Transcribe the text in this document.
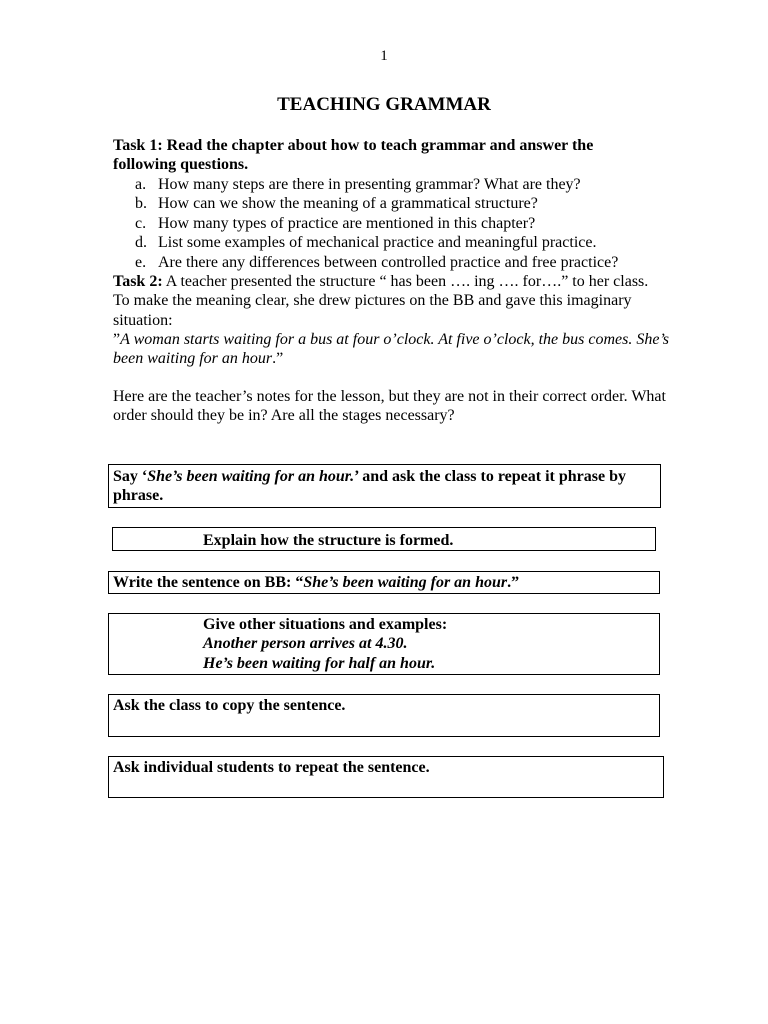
1
TEACHING GRAMMAR
Task 1: Read the chapter about how to teach grammar and answer the following questions.
a. How many steps are there in presenting grammar? What are they?
b. How can we show the meaning of a grammatical structure?
c. How many types of practice are mentioned in this chapter?
d. List some examples of mechanical practice and meaningful practice.
e. Are there any differences between controlled practice and free practice?
Task 2: A teacher presented the structure “ has been …. ing …. for….” to her class. To make the meaning clear, she drew pictures on the BB and gave this imaginary situation:
”A woman starts waiting for a bus at four o’clock. At five o’clock, the bus comes. She’s been waiting for an hour.”
Here are the teacher’s notes for the lesson, but they are not in their correct order. What order should they be in? Are all the stages necessary?
Say ‘She’s been waiting for an hour.’ and ask the class to repeat it phrase by phrase.
Explain how the structure is formed.
Write the sentence on BB: “She’s been waiting for an hour.”
Give other situations and examples:
Another person arrives at 4.30.
He’s been waiting for half an hour.
Ask the class to copy the sentence.
Ask individual students to repeat the sentence.
